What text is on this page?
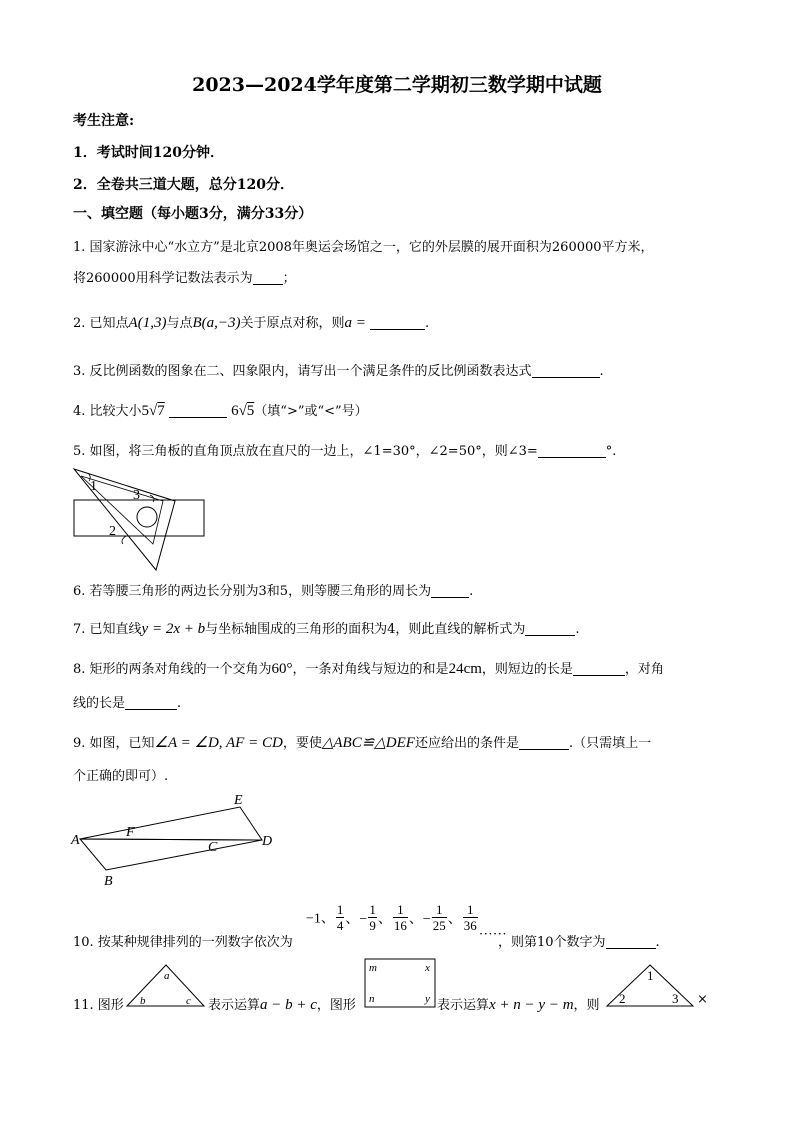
2023—2024学年度第二学期初三数学期中试题
考生注意:
1．考试时间120分钟．
2．全卷共三道大题，总分120分．
一、填空题（每小题3分，满分33分）
1. 国家游泳中心“水立方”是北京2008年奥运会场馆之一，它的外层膜的展开面积为260000平方米，
将260000用科学记数法表示为 ；
2. 已知点A(1,3)与点B(a,−3)关于原点对称，则a =	.
3. 反比例函数的图象在二、四象限内，请写出一个满足条件的反比例函数表达式	.
4. 比较大小5√7	6√5（填“>”或“<”号）
5. 如图，将三角板的直角顶点放在直尺的一边上，∠1=30°，∠2=50°，则∠3=	°.
1
3
2
6. 若等腰三角形的两边长分别为3和5，则等腰三角形的周长为	.
7. 已知直线y = 2x + b与坐标轴围成的三角形的面积为4，则此直线的解析式为	.
8. 矩形的两条对角线的一个交角为60°，一条对角线与短边的和是24cm，则短边的长是	，对角
线的长是	.
9. 如图，已知∠A = ∠D, AF = CD，要使△ABC≌△DEF还应给出的条件是	.（只需填上一
个正确的即可）.
A
F
E
C	D
B
10. 按某种规律排列的一列数字依次为
−1、 $\frac{1}{4}$ 、− $\frac{1}{9}$ 、 $\frac{1}{16}$ 、− $\frac{1}{25}$ 、 $\frac{1}{36}$ ……
，则第10个数字为	.
11. 图形
a
b	c 表示运算a − b + c，图形
m	x
n	y 表示运算x + n − y − m，则
1
2	3 ×
